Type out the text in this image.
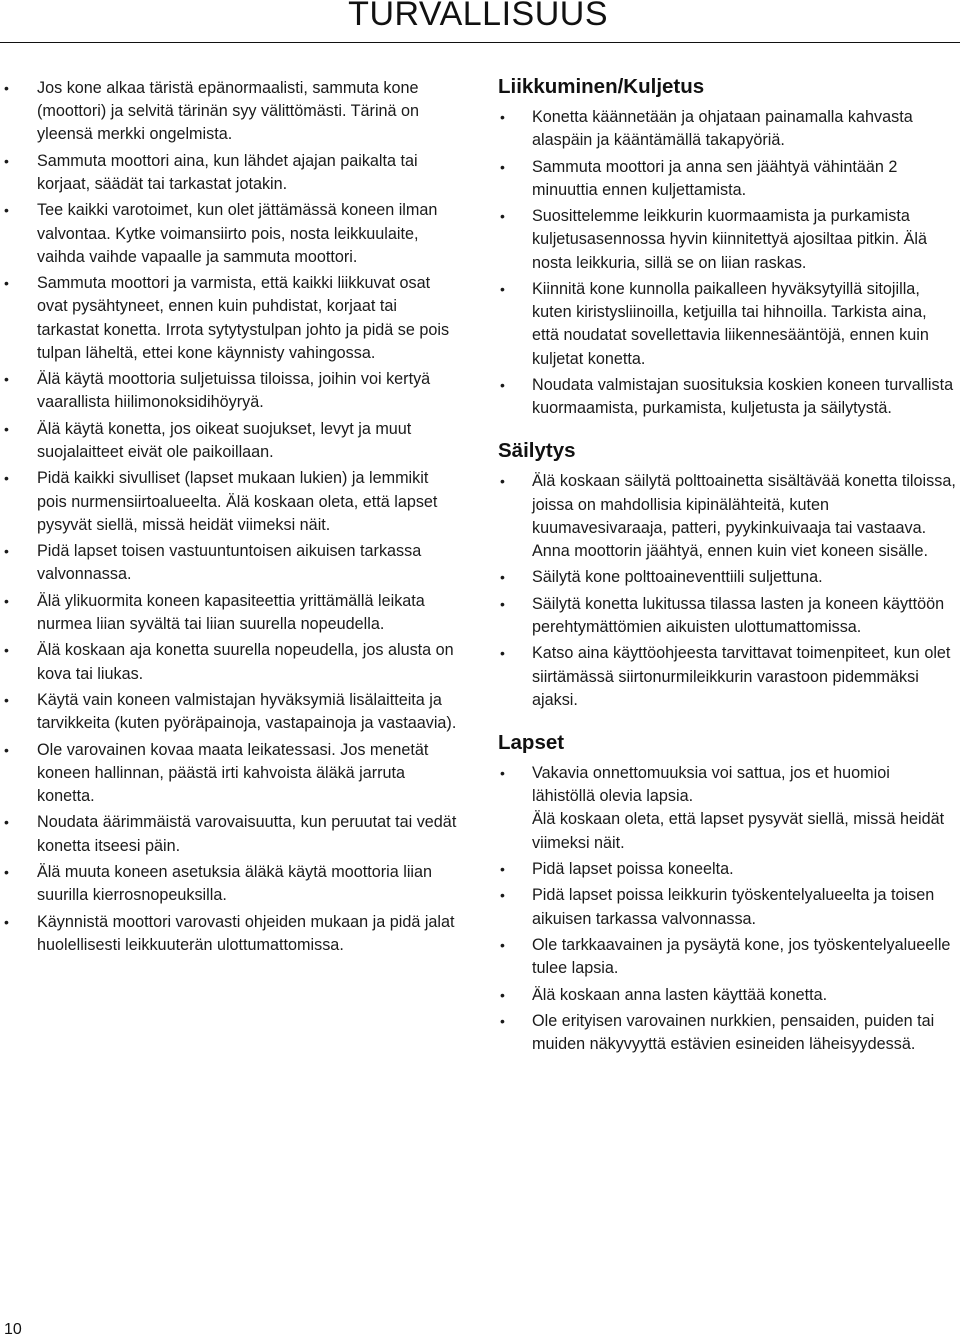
TURVALLISUUS
• Jos kone alkaa täristä epänormaalisti, sammuta kone (moottori) ja selvitä tärinän syy välittömästi. Tärinä on yleensä merkki ongelmista.
• Sammuta moottori aina, kun lähdet ajajan paikalta tai korjaat, säädät tai tarkastat jotakin.
• Tee kaikki varotoimet, kun olet jättämässä koneen ilman valvontaa. Kytke voimansiirto pois, nosta leikkuulaite, vaihda vaihde vapaalle ja sammuta moottori.
• Sammuta moottori ja varmista, että kaikki liikkuvat osat ovat pysähtyneet, ennen kuin puhdistat, korjaat tai tarkastat konetta. Irrota sytytystulpan johto ja pidä se pois tulpan läheltä, ettei kone käynnisty vahingossa.
• Älä käytä moottoria suljetuissa tiloissa, joihin voi kertyä vaarallista hiilimonoksidihöyryä.
• Älä käytä konetta, jos oikeat suojukset, levyt ja muut suojalaitteet eivät ole paikoillaan.
• Pidä kaikki sivulliset (lapset mukaan lukien) ja lemmikit pois nurmensiirtoalueelta. Älä koskaan oleta, että lapset pysyvät siellä, missä heidät viimeksi näit.
• Pidä lapset toisen vastuuntuntoisen aikuisen tarkassa valvonnassa.
• Älä ylikuormita koneen kapasiteettia yrittämällä leikata nurmea liian syvältä tai liian suurella nopeudella.
• Älä koskaan aja konetta suurella nopeudella, jos alusta on kova tai liukas.
• Käytä vain koneen valmistajan hyväksymiä lisälaitteita ja tarvikkeita (kuten pyöräpainoja, vastapainoja ja vastaavia).
• Ole varovainen kovaa maata leikatessasi. Jos menetät koneen hallinnan, päästä irti kahvoista äläkä jarruta konetta.
• Noudata äärimmäistä varovaisuutta, kun peruutat tai vedät konetta itseesi päin.
• Älä muuta koneen asetuksia äläkä käytä moottoria liian suurilla kierrosnopeuksilla.
• Käynnistä moottori varovasti ohjeiden mukaan ja pidä jalat huolellisesti leikkuuterän ulottumattomissa.
Liikkuminen/Kuljetus
• Konetta käännetään ja ohjataan painamalla kahvasta alaspäin ja kääntämällä takapyöriä.
• Sammuta moottori ja anna sen jäähtyä vähintään 2 minuuttia ennen kuljettamista.
• Suosittelemme leikkurin kuormaamista ja purkamista kuljetusasennossa hyvin kiinnitettyä ajosiltaa pitkin. Älä nosta leikkuria, sillä se on liian raskas.
• Kiinnitä kone kunnolla paikalleen hyväksytyillä sitojilla, kuten kiristysliinoilla, ketjuilla tai hihnoilla. Tarkista aina, että noudatat sovellettavia liikennesääntöjä, ennen kuin kuljetat konetta.
• Noudata valmistajan suosituksia koskien koneen turvallista kuormaamista, purkamista, kuljetusta ja säilytystä.
Säilytys
• Älä koskaan säilytä polttoainetta sisältävää konetta tiloissa, joissa on mahdollisia kipinälähteitä, kuten kuumavesivaraaja, patteri, pyykinkuivaaja tai vastaava. Anna moottorin jäähtyä, ennen kuin viet koneen sisälle.
• Säilytä kone polttoaineventtiili suljettuna.
• Säilytä konetta lukitussa tilassa lasten ja koneen käyttöön perehtymättömien aikuisten ulottumattomissa.
• Katso aina käyttöohjeesta tarvittavat toimenpiteet, kun olet siirtämässä siirtonurmileikkurin varastoon pidemmäksi ajaksi.
Lapset
• Vakavia onnettomuuksia voi sattua, jos et huomioi lähistöllä olevia lapsia.
Älä koskaan oleta, että lapset pysyvät siellä, missä heidät viimeksi näit.
• Pidä lapset poissa koneelta.
• Pidä lapset poissa leikkurin työskentelyalueelta ja toisen aikuisen tarkassa valvonnassa.
• Ole tarkkaavainen ja pysäytä kone, jos työskentelyalueelle tulee lapsia.
• Älä koskaan anna lasten käyttää konetta.
• Ole erityisen varovainen nurkkien, pensaiden, puiden tai muiden näkyvyyttä estävien esineiden läheisyydessä.
10
